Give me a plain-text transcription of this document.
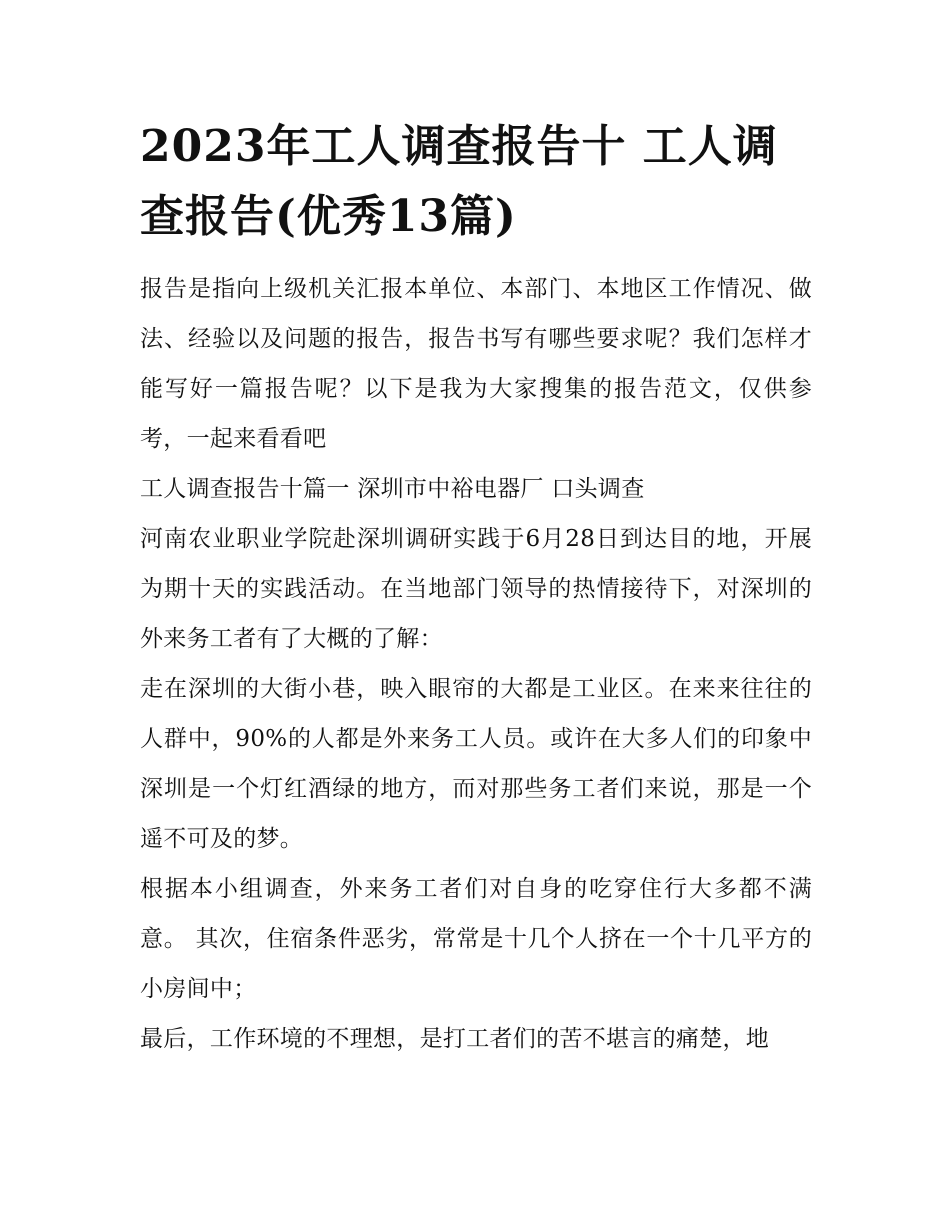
2023年工人调查报告十 工人调查报告(优秀13篇)

报告是指向上级机关汇报本单位、本部门、本地区工作情况、做法、经验以及问题的报告，报告书写有哪些要求呢？我们怎样才能写好一篇报告呢？以下是我为大家搜集的报告范文，仅供参考，一起来看看吧

工人调查报告十篇一 深圳市中裕电器厂 口头调查

河南农业职业学院赴深圳调研实践于6月28日到达目的地，开展为期十天的实践活动。在当地部门领导的热情接待下，对深圳的外来务工者有了大概的了解：

走在深圳的大街小巷，映入眼帘的大都是工业区。在来来往往的人群中，90%的人都是外来务工人员。或许在大多人们的印象中深圳是一个灯红酒绿的地方，而对那些务工者们来说，那是一个遥不可及的梦。

根据本小组调查，外来务工者们对自身的吃穿住行大多都不满意。 其次，住宿条件恶劣，常常是十几个人挤在一个十几平方的小房间中；

最后，工作环境的不理想，是打工者们的苦不堪言的痛楚，地
